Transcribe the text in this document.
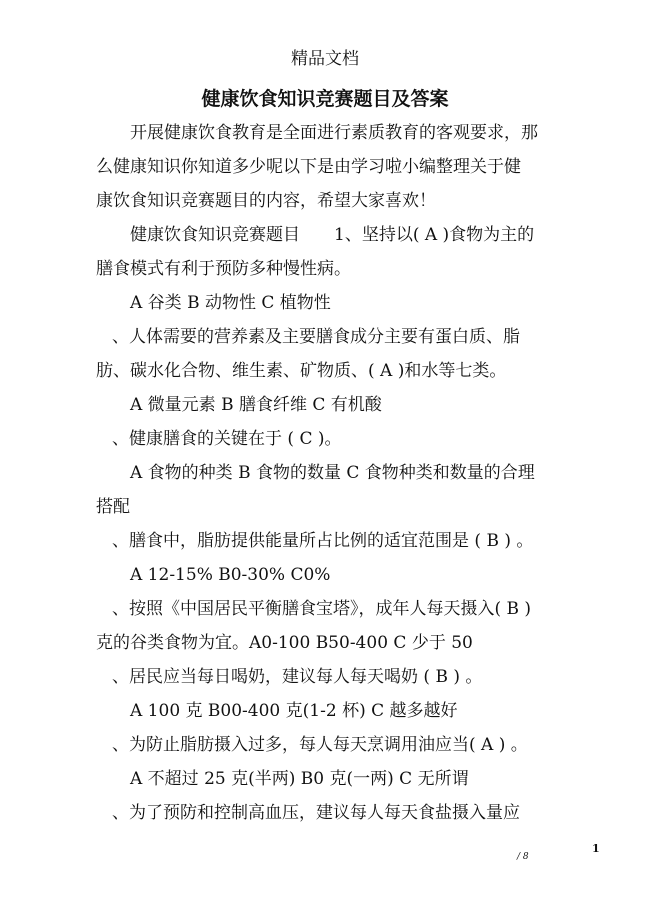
精品文档
健康饮食知识竞赛题目及答案

开展健康饮食教育是全面进行素质教育的客观要求，那
么健康知识你知道多少呢以下是由学习啦小编整理关于健
康饮食知识竞赛题目的内容，希望大家喜欢！

健康饮食知识竞赛题目　　1、坚持以( A )食物为主的
膳食模式有利于预防多种慢性病。

A 谷类 B 动物性 C 植物性

、人体需要的营养素及主要膳食成分主要有蛋白质、脂
肪、碳水化合物、维生素、矿物质、( A )和水等七类。

A 微量元素 B 膳食纤维 C 有机酸

、健康膳食的关键在于 ( C )。

A 食物的种类 B 食物的数量 C 食物种类和数量的合理
搭配

、膳食中，脂肪提供能量所占比例的适宜范围是 ( B ) 。

A 12-15% B0-30% C0%

、按照《中国居民平衡膳食宝塔》，成年人每天摄入( B )
克的谷类食物为宜。A0-100 B50-400 C 少于 50

、居民应当每日喝奶，建议每人每天喝奶 ( B ) 。

A 100 克 B00-400 克(1-2 杯) C 越多越好

、为防止脂肪摄入过多，每人每天烹调用油应当( A ) 。

A 不超过 25 克(半两) B0 克(一两) C 无所谓

、为了预防和控制高血压，建议每人每天食盐摄入量应

1
/ 8
